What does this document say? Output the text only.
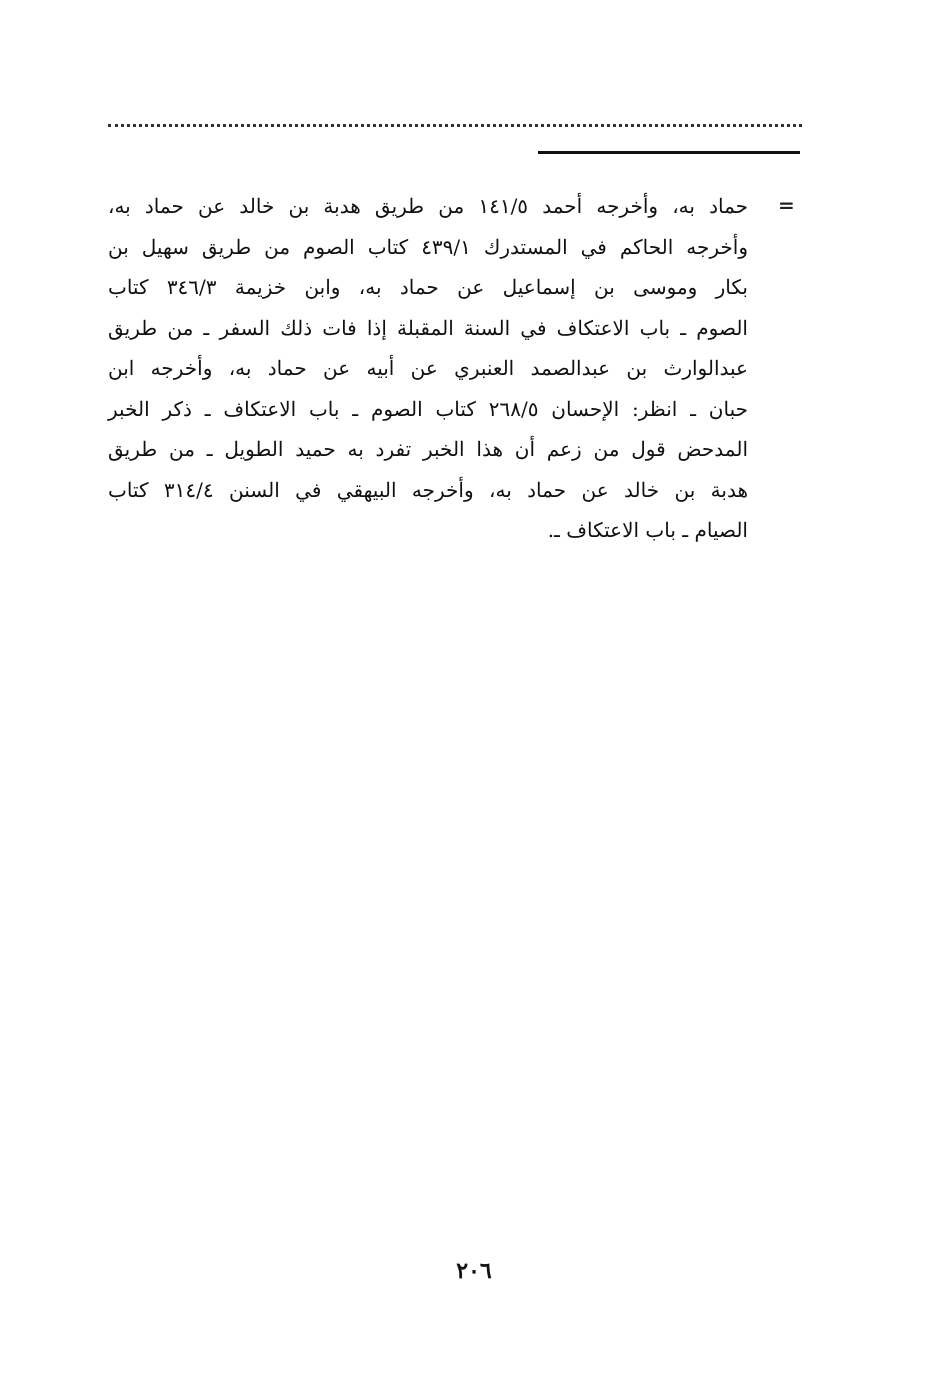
=
حماد به، وأخرجه أحمد ١٤١/٥ من طريق هدبة بن خالد عن حماد به،
وأخرجه الحاكم في المستدرك ٤٣٩/١ كتاب الصوم من طريق سهيل بن
بكار وموسى بن إسماعيل عن حماد به، وابن خزيمة ٣٤٦/٣ كتاب
الصوم ـ باب الاعتكاف في السنة المقبلة إذا فات ذلك السفر ـ من طريق
عبدالوارث بن عبدالصمد العنبري عن أبيه عن حماد به، وأخرجه ابن
حبان ـ انظر: الإحسان ٢٦٨/٥ كتاب الصوم ـ باب الاعتكاف ـ ذكر الخبر
المدحض قول من زعم أن هذا الخبر تفرد به حميد الطويل ـ من طريق
هدبة بن خالد عن حماد به، وأخرجه البيهقي في السنن ٣١٤/٤ كتاب
الصيام ـ باب الاعتكاف ـ.
٢٠٦
